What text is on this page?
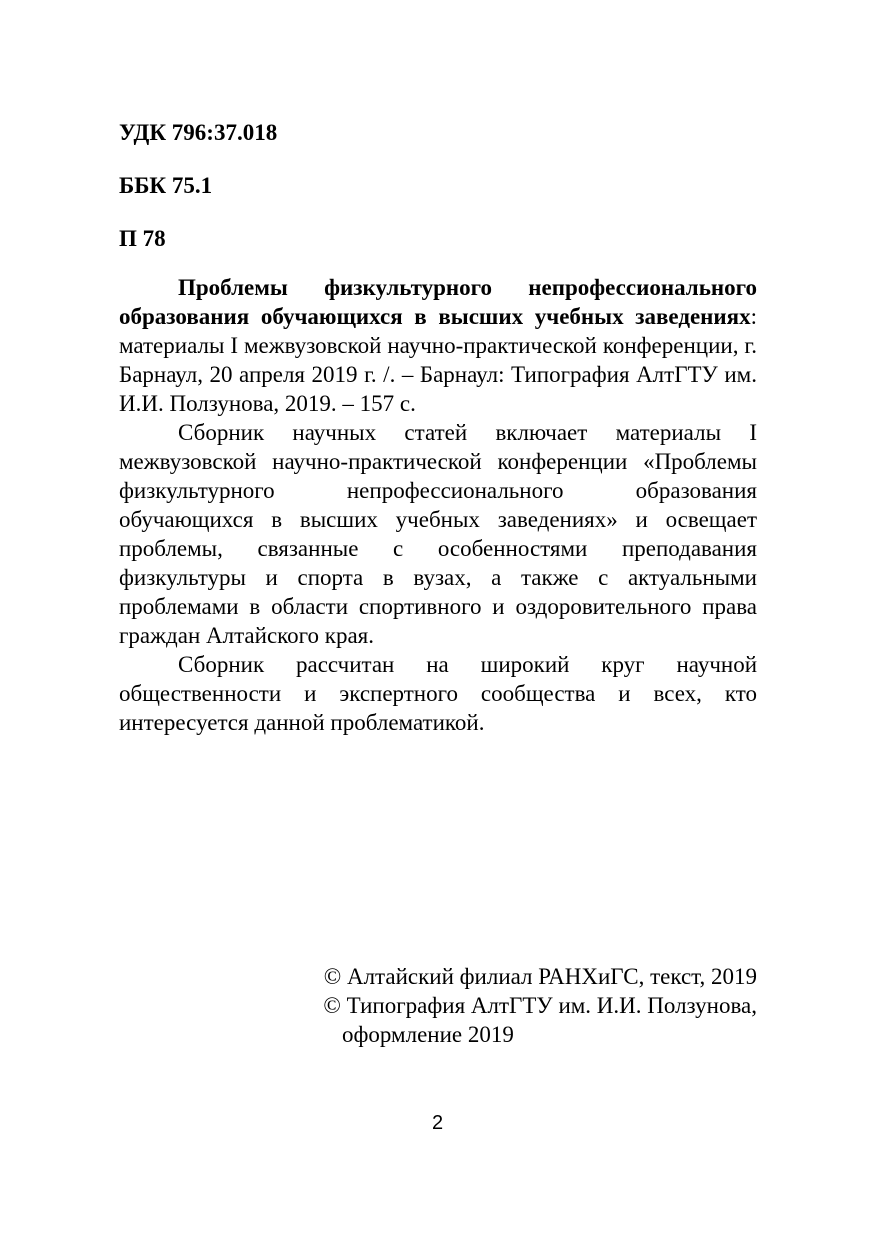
УДК 796:37.018
ББК 75.1
П 78

Проблемы физкультурного непрофессионального образования обучающихся в высших учебных заведениях: материалы I межвузовской научно-практической конференции, г. Барнаул, 20 апреля 2019 г. /. – Барнаул: Типография АлтГТУ им. И.И. Ползунова, 2019. – 157 с.

Сборник научных статей включает материалы I межвузовской научно-практической конференции «Проблемы физкультурного непрофессионального образования обучающихся в высших учебных заведениях» и освещает проблемы, связанные с особенностями преподавания физкультуры и спорта в вузах, а также с актуальными проблемами в области спортивного и оздоровительного права граждан Алтайского края.

Сборник рассчитан на широкий круг научной общественности и экспертного сообщества и всех, кто интересуется данной проблематикой.

© Алтайский филиал РАНХиГС, текст, 2019
© Типография АлтГТУ им. И.И. Ползунова,
оформление 2019
2
